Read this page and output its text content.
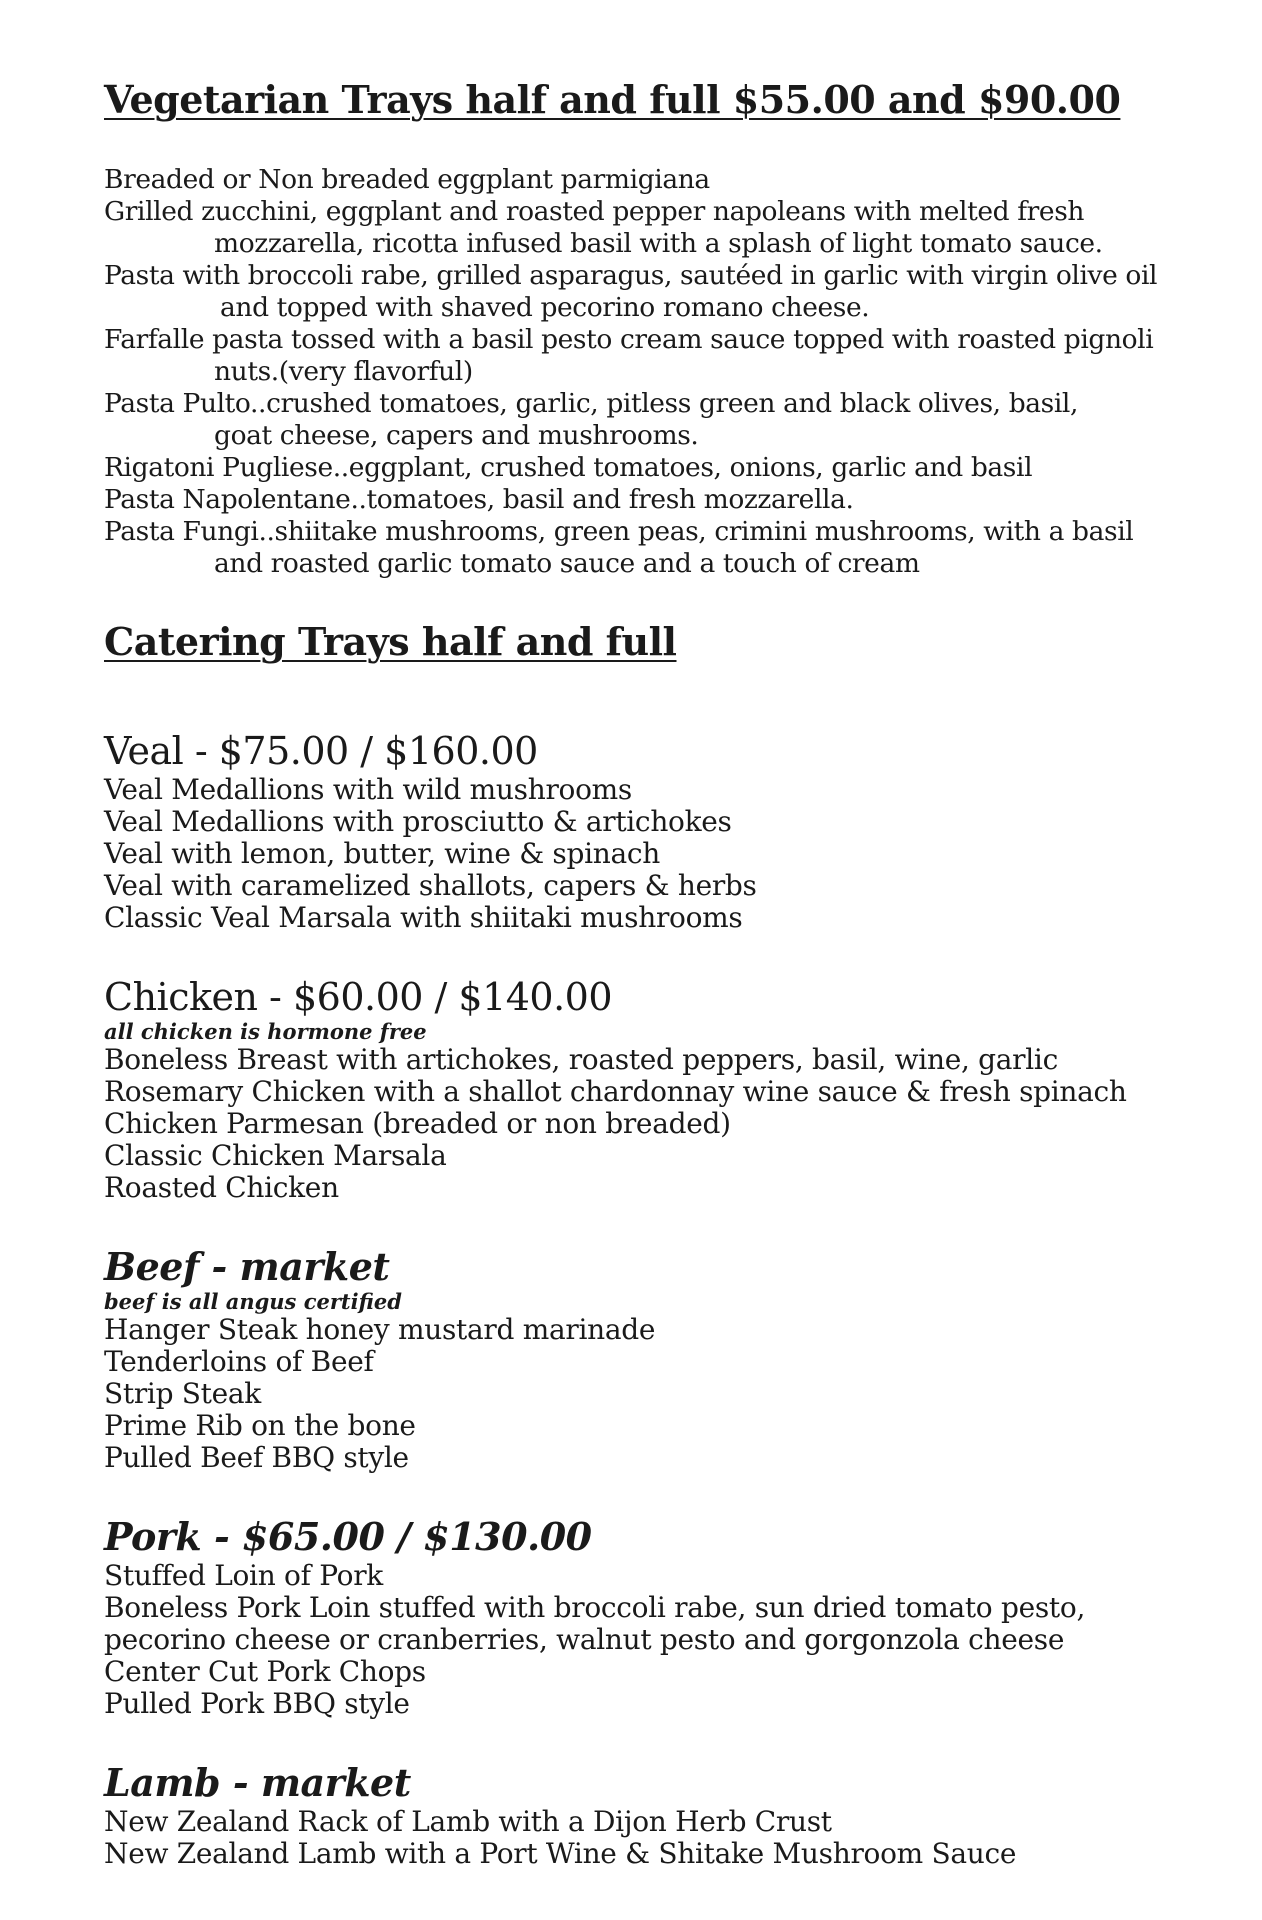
Vegetarian Trays half and full $55.00 and $90.00
Breaded or Non breaded eggplant parmigiana
Grilled zucchini, eggplant and roasted pepper napoleans with melted fresh
mozzarella, ricotta infused basil with a splash of light tomato sauce.
Pasta with broccoli rabe, grilled asparagus, sautéed in garlic with virgin olive oil
and topped with shaved pecorino romano cheese.
Farfalle pasta tossed with a basil pesto cream sauce topped with roasted pignoli
nuts.(very flavorful)
Pasta Pulto..crushed tomatoes, garlic, pitless green and black olives, basil,
goat cheese, capers and mushrooms.
Rigatoni Pugliese..eggplant, crushed tomatoes, onions, garlic and basil
Pasta Napolentane..tomatoes, basil and fresh mozzarella.
Pasta Fungi..shiitake mushrooms, green peas, crimini mushrooms, with a basil
and roasted garlic tomato sauce and a touch of cream
Catering Trays half and full
Veal - $75.00 / $160.00
Veal Medallions with wild mushrooms
Veal Medallions with prosciutto & artichokes
Veal with lemon, butter, wine & spinach
Veal with caramelized shallots, capers & herbs
Classic Veal Marsala with shiitaki mushrooms
Chicken - $60.00 / $140.00
all chicken is hormone free
Boneless Breast with artichokes, roasted peppers, basil, wine, garlic
Rosemary Chicken with a shallot chardonnay wine sauce & fresh spinach
Chicken Parmesan (breaded or non breaded)
Classic Chicken Marsala
Roasted Chicken
Beef - market
beef is all angus certified
Hanger Steak honey mustard marinade
Tenderloins of Beef
Strip Steak
Prime Rib on the bone
Pulled Beef BBQ style
Pork - $65.00 / $130.00
Stuffed Loin of Pork
Boneless Pork Loin stuffed with broccoli rabe, sun dried tomato pesto,
pecorino cheese or cranberries, walnut pesto and gorgonzola cheese
Center Cut Pork Chops
Pulled Pork BBQ style
Lamb - market
New Zealand Rack of Lamb with a Dijon Herb Crust
New Zealand Lamb with a Port Wine & Shitake Mushroom Sauce
